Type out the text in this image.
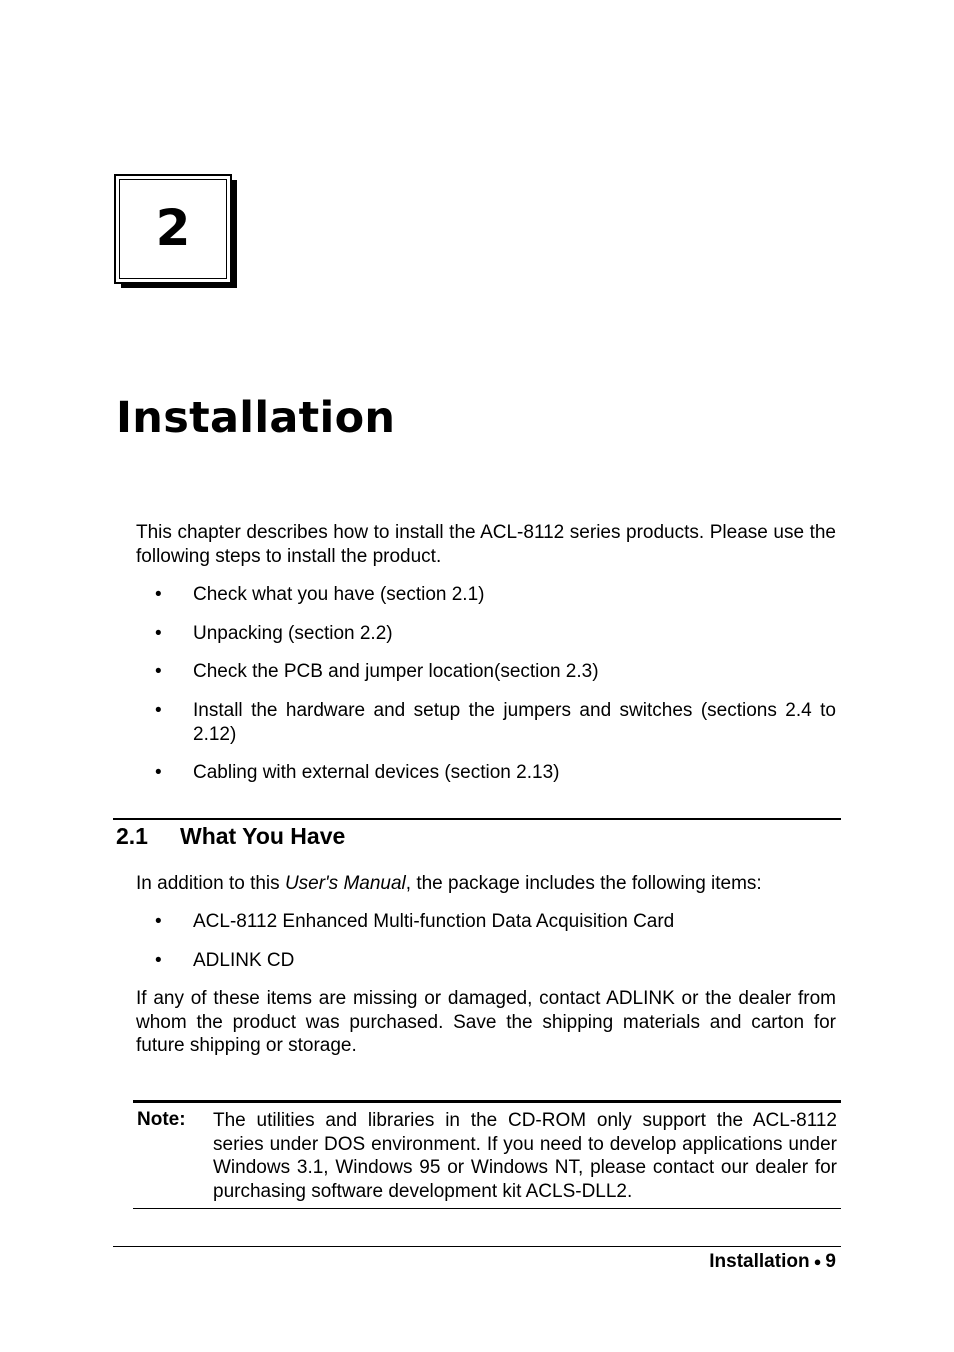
2
Installation
This chapter describes how to install the ACL-8112 series products. Please use the following steps to install the product.
• Check what you have (section 2.1)
• Unpacking (section 2.2)
• Check the PCB and jumper location(section 2.3)
• Install the hardware and setup the jumpers and switches (sections 2.4 to 2.12)
• Cabling with external devices (section 2.13)
2.1 What You Have
In addition to this User's Manual, the package includes the following items:
• ACL-8112 Enhanced Multi-function Data Acquisition Card
• ADLINK CD
If any of these items are missing or damaged, contact ADLINK or the dealer from whom the product was purchased. Save the shipping materials and carton for future shipping or storage.
Note: The utilities and libraries in the CD-ROM only support the ACL-8112 series under DOS environment. If you need to develop applications under Windows 3.1, Windows 95 or Windows NT, please contact our dealer for purchasing software development kit ACLS-DLL2.
Installation ● 9
